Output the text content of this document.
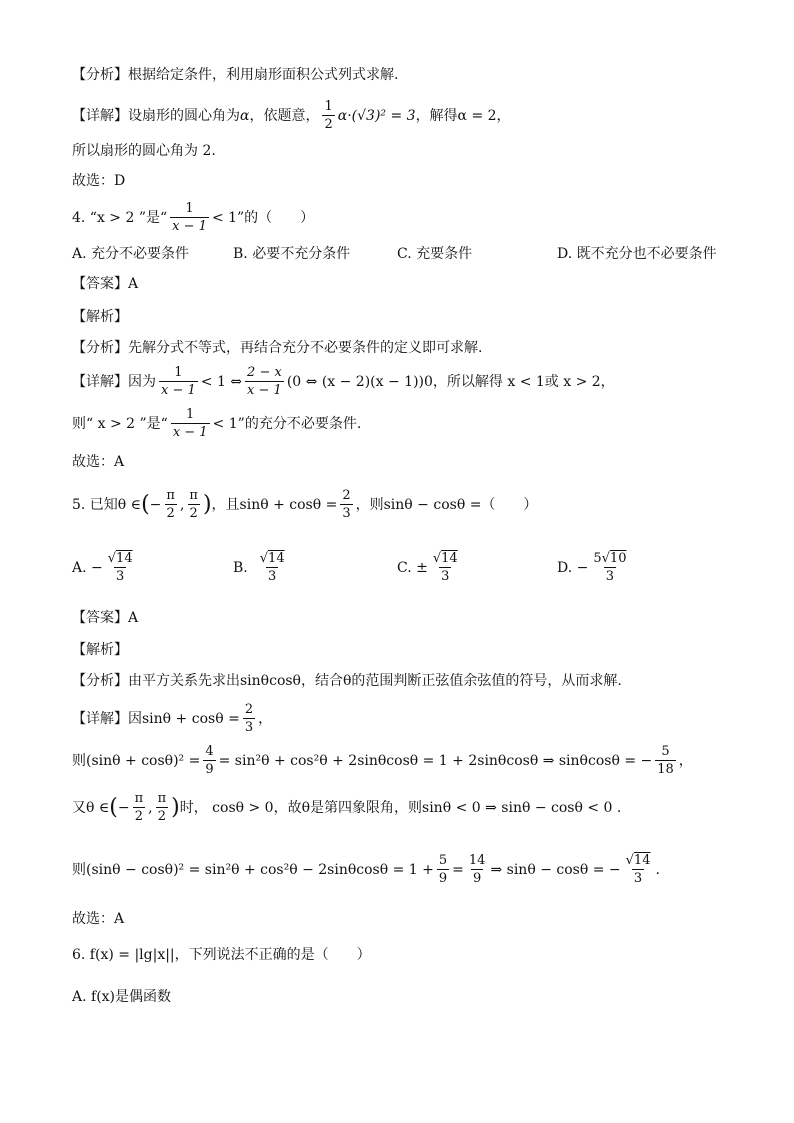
【分析】根据给定条件，利用扇形面积公式列式求解.
【详解】设扇形的圆心角为 α ，依题意， $\frac{1}{2} \alpha\cdot(√3)^2 = 3$ ，解得α = 2，
所以扇形的圆心角为 2.
故选：D
4. “x > 2 ”是“ $\frac{1}{x - 1} < 1$”的（　　）
A. 充分不必要条件	B. 必要不充分条件	C. 充要条件	D. 既不充分也不必要条件
【答案】A
【解析】
【分析】先解分式不等式，再结合充分不必要条件的定义即可求解.
【详解】因为 $\frac{1}{x - 1} < 1$ ⇔ $\frac{2 - x}{x - 1} (0$ ⇔ (x − 2)(x − 1))0，所以解得 x < 1或 x > 2，
则“ x > 2 ”是“ $\frac{1}{x - 1} < 1$”的充分不必要条件.
故选：A
5. 已知θ ∈ ( − $\frac{\pi}{2}$ , $\frac{\pi}{2}$ ) ，且$\sin\theta + \cos\theta = \frac{2}{3}$ ，则sinθ − cosθ =（　　）
A. − $\frac{√14}{3}$	B. $\frac{√14}{3}$	C. ± $\frac{√14}{3}$	D. − $\frac{5√10}{3}$
【答案】A
【解析】
【分析】由平方关系先求出sinθcosθ，结合θ的范围判断正弦值余弦值的符号，从而求解.
【详解】因$\sin\theta + \cos\theta = \frac{2}{3}$ ，
则$(\sin\theta + \cos\theta)^2 = \frac{4}{9} = \sin^2\theta + \cos^2\theta + 2\sin\theta\cos\theta = 1 + 2\sin\theta\cos\theta$ ⇒ sinθcosθ = − $\frac{5}{18}$ ，
又θ ∈ ( − $\frac{\pi}{2}$ , $\frac{\pi}{2}$ ) 时， cosθ > 0，故θ是第四象限角，则sinθ < 0 ⇒ sinθ − cosθ < 0 .
则$(\sin\theta - \cos\theta)^2 = \sin^2\theta + \cos^2\theta - 2\sin\theta\cos\theta = 1 + \frac{5}{9} = \frac{14}{9}$ ⇒ sinθ − cosθ = − $\frac{√14}{3}$ .
故选：A
6. f(x) = |lg|x||，下列说法不正确的是（　　）
A. f(x)是偶函数
